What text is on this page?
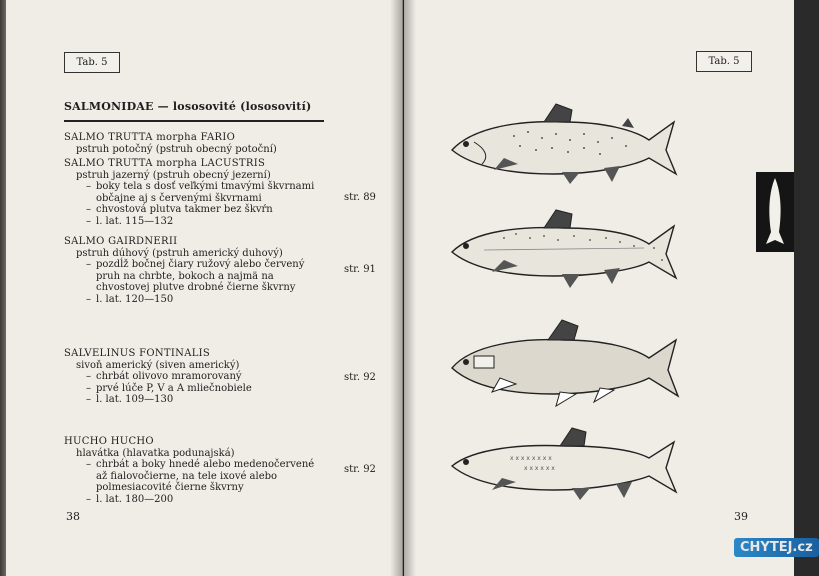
Tab. 5
SALMONIDAE — lososovité (lososovití)
SALMO TRUTTA morpha FARIO
pstruh potočný (pstruh obecný potoční)
SALMO TRUTTA morpha LACUSTRIS
pstruh jazerný (pstruh obecný jezerní)
– boky tela s dosť veľkými tmavými škvrnami občajne aj s červenými škvrnami
– chvostová plutva takmer bez škvŕn
– l. lat. 115—132
str. 89
SALMO GAIRDNERII
pstruh dúhový (pstruh americký duhový)
– pozdĺž bočnej čiary ružový alebo červený pruh na chrbte, bokoch a najmä na chvostovej plutve drobné čierne škvrny
– l. lat. 120—150
str. 91
SALVELINUS FONTINALIS
sivoň americký (siven americký)
– chrbát olivovo mramorovaný
– prvé lúče P, V a A mliečnobiele
– l. lat. 109—130
str. 92
HUCHO HUCHO
hlavátka (hlavatka podunajská)
– chrbát a boky hnedé alebo medenočervené až fialovočierne, na tele ixové alebo polmesiacovité čierne škvrny
– l. lat. 180—200
str. 92
38
Tab. 5
x x x x x x x x
x x x x x x
39
CHYTEJ.cz
